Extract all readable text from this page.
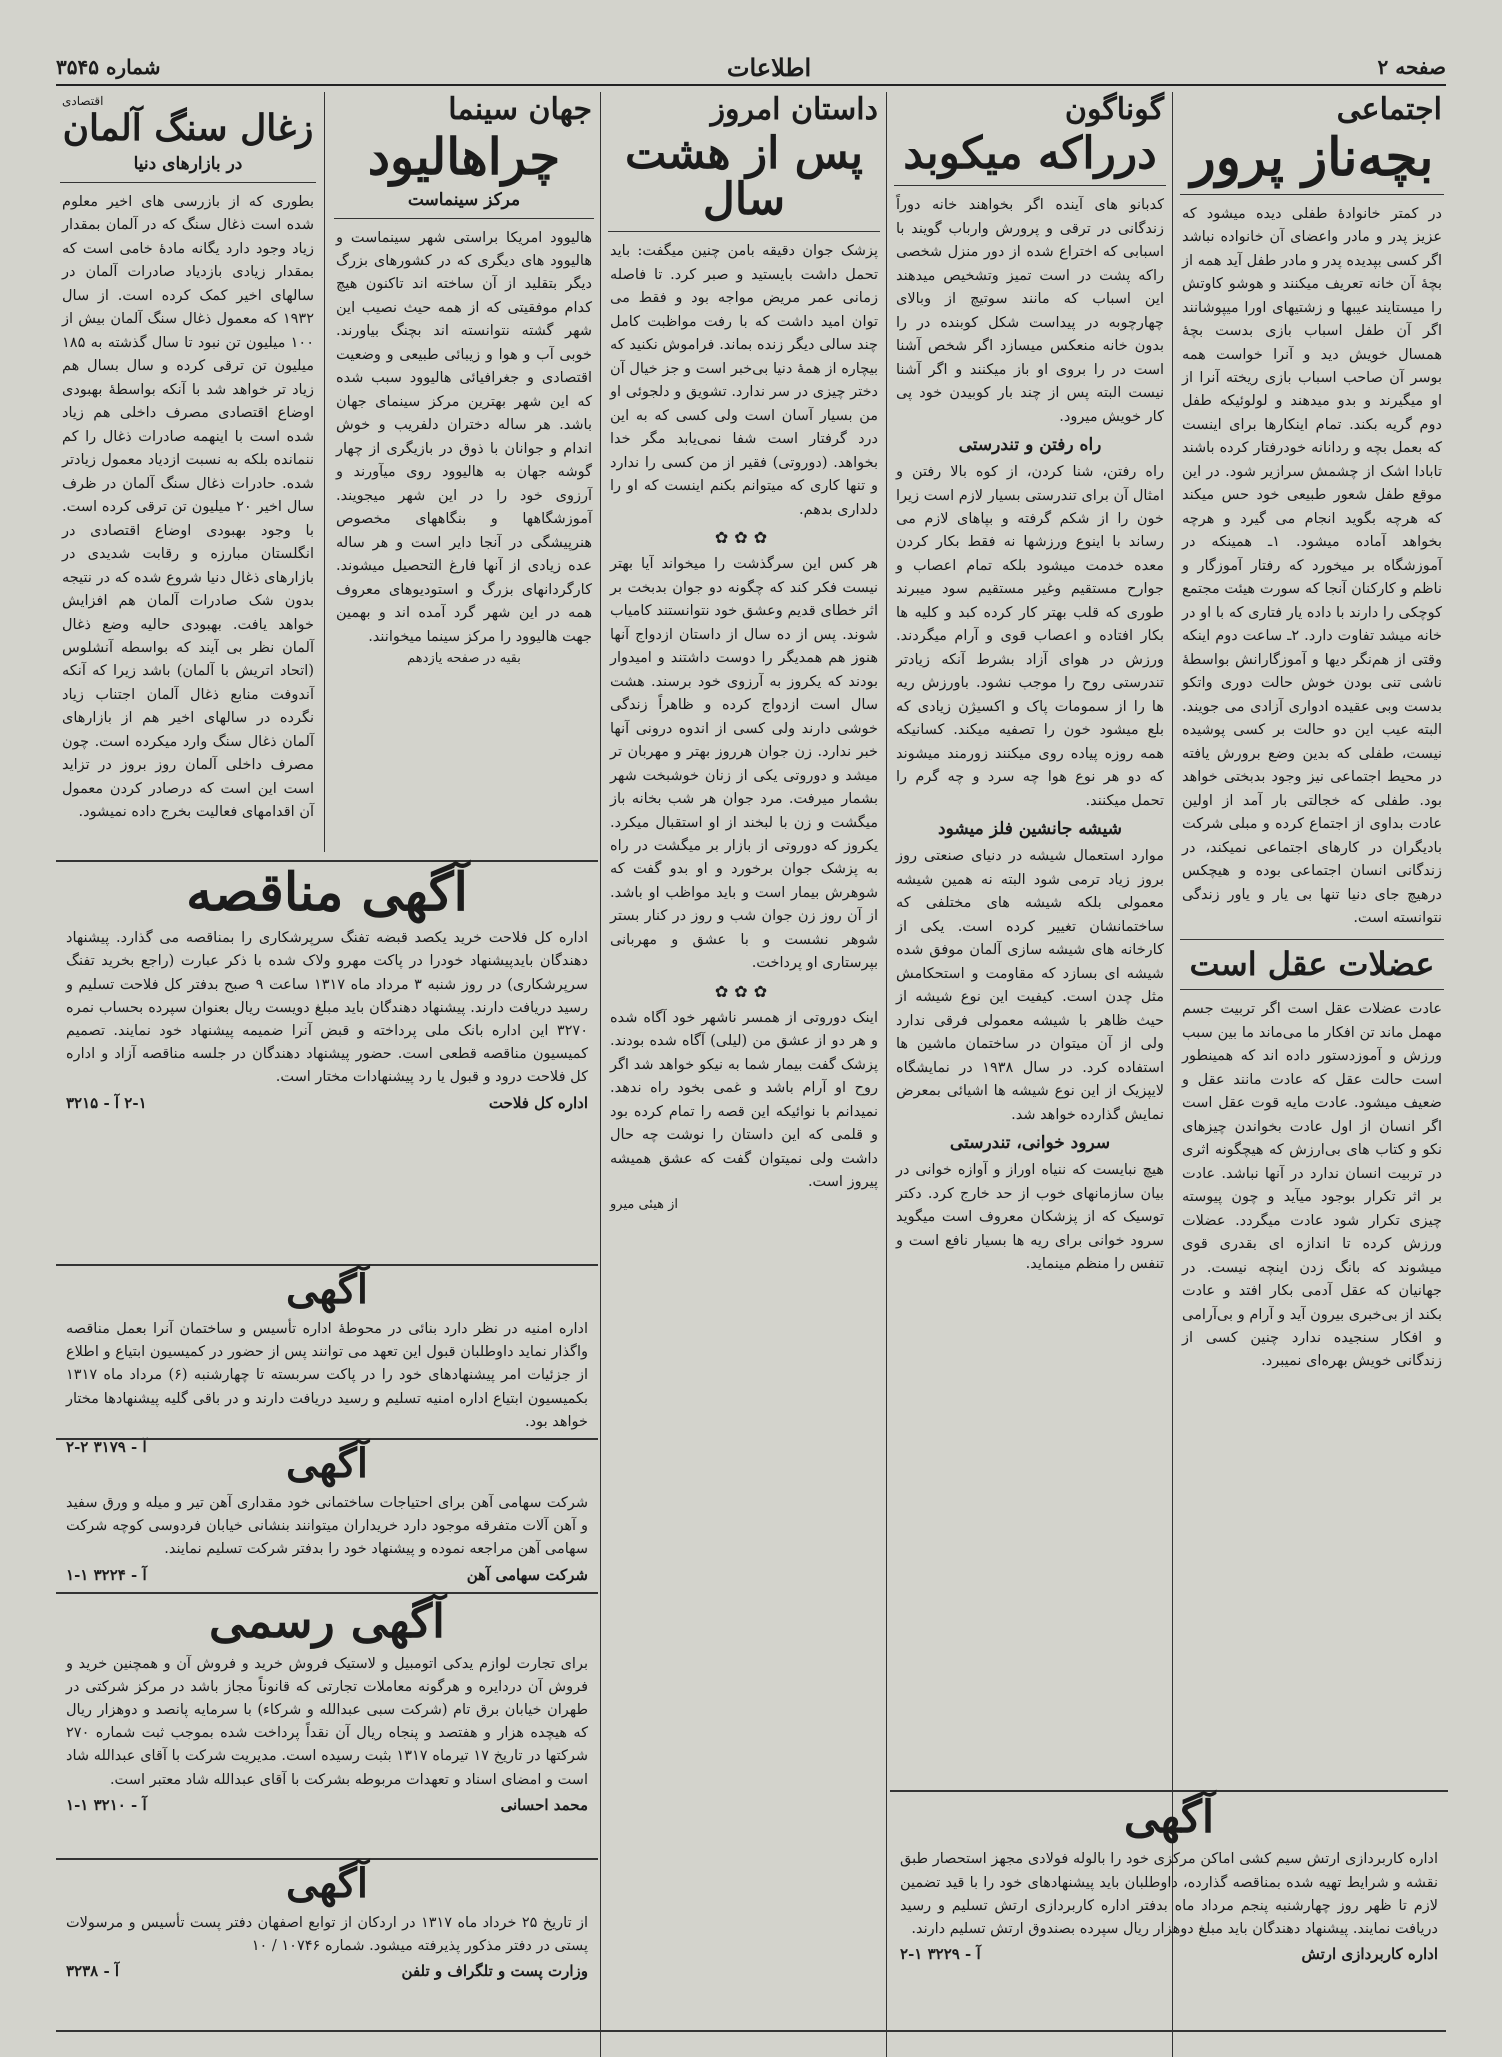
صفحه ۲
اطلاعات
شماره ۳۵۴۵

اجتماعی

بچه‌ناز پرور

در کمتر خانوادهٔ طفلی دیده میشود که عزیز پدر و مادر واعضای آن خانواده نباشد اگر کسی بپدیده پدر و مادر طفل آید همه از بچهٔ آن خانه تعریف میکنند و هوشو کاوتش را میستایند عیبها و زشتیهای اورا میپوشانند اگر آن طفل اسباب بازی بدست بچهٔ همسال خویش دید و آنرا خواست همه بوسر آن صاحب اسباب بازی ریخته آنرا از او میگیرند و بدو میدهند و لولوئیکه طفل دوم گریه‌ بکند. تمام اینکارها برای اینست که بعمل بچه و ردانانه خودرفتار کرده باشند تابادا اشک از چشمش سرازیر شود. در این موقع طفل شعور طبیعی خود حس میکند که هرچه بگوید انجام می گیرد و هرچه بخواهد آماده میشود. ۱ـ همینکه در آموزشگاه بر میخورد که رفتار آموزگار و ناظم و کارکنان آنجا که سورت هیئت مجتمع کوچکی را دارند با داده یار فتاری که با او در خانه میشد تفاوت دارد. ۲ـ ساعت دوم اینکه وقتی از هم‌نگر دیها و آموزگارانش بواسطهٔ ناشی تنی بودن خوش حالت دوری واتکو بدست وبی‌ عقیده ادواری آزادی می جویند. البته عیب این دو حالت بر کسی پوشیده نیست، طفلی که بدین وضع برورش یافته در محیط اجتماعی نیز وجود بدبختی خواهد بود. طفلی که خجالتی بار آمد از اولین عادت بداوی از اجتماع کرده و مبلی شرکت بادیگران در کارهای اجتماعی نمیکند، در زندگانی انسان اجتماعی بوده و هیچکس درهیچ جای دنیا تنها بی‌ یار و یاور زندگی نتوانسته است.

عضلات عقل است

عادت عضلات عقل است اگر تربیت‌ جسم مهمل ماند تن افکار ما می‌ماند ما بین سبب ورزش و آموزدستور داده اند که همینطور است حالت عقل که عادت مانند عقل و ضعیف میشود. عادت مایه قوت عقل است اگر انسان از اول عادت بخواندن چیزهای نکو و کتاب های بی‌ارزش که هیچگونه اثری در تربیت انسان ندارد در آنها نباشد. عادت بر اثر تکرار بوجود میآید و چون پیوسته چیزی تکرار شود عادت میگردد. عضلات ورزش کرده تا اندازه ای بقدری قوی میشوند که بانگ زدن اینچه نیست. در جهانیان که عقل آدمی بکار افتد و عادت بکند از بی‌خبری بیرون آید و آرام و بی‌آرامی و افکار سنجیده ندارد چنین کسی از زندگانی خویش بهره‌ای نمیبرد.

آگهی

اداره کاربردازی ارتش سیم کشی اماکن مرکزی خود را بالوله فولادی مجهز استحصار طبق نقشه و شرایط تهیه شده بمناقصه گذارده، داوطلبان باید پیشنهادهای خود را با قید تضمین لازم تا ظهر روز چهارشنبه پنجم مرداد ماه بدفتر اداره کاربردازی ارتش تسلیم و رسید دریافت نمایند. پیشنهاد دهندگان باید مبلغ دوهزار ریال سپرده بصندوق ارتش تسلیم دارند.

اداره کاربردازی ارتش
آ - ۳۲۲۹ ۱-۲

گوناگون

درراکه میکوبد

کدبانو های آینده اگر بخواهند خانه دوراً زندگانی در ترقی و پرورش وارباب گویند با اسبابی که اختراع شده از دور منزل شخصی راکه پشت در است تمیز وتشخیص میدهند این اسباب که مانند سوتیچ از وبالای چهارچوبه در پیداست شکل کوبنده در را بدون خانه منعکس میسازد اگر شخص آشنا است در را بروی او باز میکنند و اگر آشنا نیست البته پس از چند بار کوبیدن خود پی کار خویش میرود.

راه رفتن و تندرستی

راه رفتن، شنا کردن، از کوه بالا رفتن و امثال آن برای تندرستی بسیار لازم است زیرا خون را از شکم گرفته و بپاهای لازم می رساند با اینوع ورزشها نه‌ فقط بکار کردن معده خدمت میشود بلکه تمام اعصاب و جوارح مستقیم وغیر مستقیم سود میبرند طوری که قلب بهتر کار کرده کبد و کلیه ها بکار افتاده و اعصاب قوی و آرام میگردند. ورزش در هوای آزاد بشرط آنکه زیادتر تندرستی روح را موجب نشود. باورزش ریه ها را از سمومات پاک و اکسیژن زیادی که بلع میشود خون را تصفیه میکند. کسانیکه همه روزه پیاده روی میکنند زورمند میشوند که دو هر نوع هوا چه سرد و چه گرم را تحمل میکنند.

شیشه جانشین فلز میشود

موارد استعمال شیشه در دنیای صنعتی روز بروز زیاد ترمی شود البته نه همین شیشه معمولی بلکه شیشه های مختلفی که ساختمانشان تغییر کرده است. یکی از کارخانه های شیشه سازی آلمان موفق شده شیشه ای بسازد که مقاومت و استحکامش مثل چدن است. کیفیت این نوع شیشه از حیث ظاهر با شیشه معمولی فرقی ندارد ولی از آن میتوان در ساختمان ماشین ها استفاده کرد. در سال ۱۹۳۸ در نمایشگاه لایپزیک از این نوع شیشه ها اشیائی بمعرض نمایش گذارده خواهد شد.

سرود خوانی، تندرستی

هیچ نبایست که ننیاه اوراز و آوازه خوانی در بیان سازمانهای خوب از حد خارج کرد. دکتر توسیک که از پزشکان معروف است میگوید سرود خوانی برای ریه ها بسیار نافع است و تنفس را منظم مینماید.

داستان امروز

پس از هشت سال

پزشک جوان دقیقه بامن چنین میگفت: باید تحمل داشت بایستید و صبر کرد. تا فاصله زمانی عمر مریض مواجه بود و فقط می توان امید داشت که با رفت مواظبت کامل چند سالی دیگر زنده بماند. فراموش نکنید که بیچاره از همهٔ دنیا بی‌خبر است و جز خیال آن دختر چیزی در سر ندارد. تشویق و دلجوئی او من بسیار آسان است ولی کسی که به این درد گرفتار است شفا نمی‌یابد مگر خدا بخواهد. (دوروتی) فقیر از من کسی را ندارد و تنها کاری که میتوانم بکنم اینست که او را دلداری بدهم.

✿✿✿

هر کس این سرگذشت را میخواند آیا بهتر نیست فکر کند که چگونه دو جوان بدبخت بر اثر خطای قدیم وعشق خود نتوانستند کامیاب شوند. پس از ده سال از داستان ازدواج آنها هنوز هم همدیگر را دوست داشتند و امیدوار بودند که یکروز به آرزوی خود برسند. هشت سال است ازدواج کرده و ظاهراً زندگی خوشی دارند ولی کسی از اندوه درونی آنها خبر ندارد. زن جوان هرروز بهتر و مهربان تر میشد و دوروتی یکی از زنان خوشبخت شهر بشمار میرفت. مرد جوان هر شب بخانه باز میگشت و زن با لبخند از او استقبال میکرد. یکروز که دوروتی از بازار بر میگشت در راه به پزشک جوان برخورد و او بدو گفت که شوهرش بیمار است و باید مواظب او باشد. از آن روز زن جوان شب و روز در کنار بستر شوهر نشست و با عشق و مهربانی بپرستاری او پرداخت.

✿✿✿

اینک دوروتی از همسر ناشهر خود آگاه شده و هر دو از عشق من (لیلی) آگاه شده بودند. پزشک گفت بیمار شما به نیکو خواهد شد اگر روح او آرام باشد و غمی بخود راه ندهد. نمیدانم با نوائیکه این قصه را تمام کرده بود و قلمی که این داستان را نوشت چه حال داشت ولی نمیتوان گفت که عشق همیشه پیروز است.

از هیئی میرو

جهان سینما

چراهالیود

مرکز سینماست

هالیوود امریکا براستی شهر سینماست و هالیوود های دیگری که در کشورهای بزرگ دیگر بتقلید از آن ساخته اند تاکنون هیچ کدام موفقیتی که از همه حیث نصیب این شهر گشته نتوانسته اند بچنگ بیاورند. خوبی آب و هوا و زیبائی طبیعی و وضعیت اقتصادی و جغرافیائی هالیوود سبب شده که این شهر بهترین مرکز سینمای جهان باشد. هر ساله دختران دلفریب و خوش اندام و جوانان با ذوق در بازیگری از چهار گوشه جهان به هالیوود روی میآورند و آرزوی خود را در این شهر میجویند. آموزشگاهها و بنگاههای مخصوص هنرپیشگی در آنجا دایر است و هر ساله عده زیادی از آنها فارغ التحصیل میشوند. کارگردانهای بزرگ و استودیوهای معروف همه در این شهر گرد آمده اند و بهمین جهت هالیوود را مرکز سینما میخوانند.

بقیه در صفحه یازدهم

اقتصادی

زغال سنگ آلمان

در بازارهای دنیا

بطوری که از بازرسی های اخیر معلوم شده است ذغال سنگ که در آلمان بمقدار زیاد وجود دارد یگانه مادهٔ خامی است که بمقدار زیادی بازدیاد صادرات آلمان در سالهای اخیر کمک کرده است. از سال ۱۹۳۲ که معمول ذغال سنگ آلمان بیش از ۱۰۰ میلیون تن نبود تا سال گذشته به ۱۸۵ میلیون تن ترقی کرده و سال بسال هم زیاد تر خواهد شد با آنکه بواسطهٔ بهبودی اوضاع اقتصادی مصرف داخلی هم زیاد شده است با اینهمه صادرات ذغال را کم ننمانده بلکه به نسبت ازدیاد معمول زیادتر شده. حادرات ذغال سنگ آلمان در ظرف سال اخیر ۲۰ میلیون تن ترقی کرده است. با وجود بهبودی اوضاع اقتصادی در انگلستان مبارزه و رقابت شدیدی در بازارهای ذغال دنیا شروع شده که در نتیجه بدون شک صادرات آلمان هم افزایش خواهد یافت. بهبودی حالیه وضع ذغال آلمان نظر بی آیند که بواسطه آنشلوس (اتحاد اتریش با آلمان) باشد زیرا که آنکه آندوفت منابع ذغال آلمان اجتناب زیاد نگرده در سالهای اخیر هم از بازارهای آلمان ذغال سنگ وارد میکرده است. چون مصرف داخلی آلمان روز بروز در تزاید است این است که درصادر کردن معمول آن اقدامهای فعالیت بخرج داده نمیشود.

آگهی مناقصه

اداره کل فلاحت خرید یکصد قبضه تفنگ سرپرشکاری را بمناقصه می گذارد. پیشنهاد دهندگان بایدپیشنهاد خودرا در پاکت مهرو ولاک شده با ذکر عبارت (راجع بخرید تفنگ سرپرشکاری) در روز شنبه ۳ مرداد ماه ۱۳۱۷ ساعت ۹ صبح بدفتر کل فلاحت تسلیم و رسید دریافت دارند. پیشنهاد دهندگان باید مبلغ دویست ریال بعنوان سپرده بحساب نمره ۳۲۷۰ این اداره بانک ملی پرداخته و قبض آنرا ضمیمه پیشنهاد خود نمایند. تصمیم کمیسیون مناقصه قطعی است. حضور پیشنهاد دهندگان در جلسه مناقصه آزاد و اداره کل فلاحت درود و قبول یا رد پیشنهادات مختار است.

اداره کل فلاحت
۲-۱ آ - ۳۲۱۵
آگهی

اداره امنیه در نظر دارد بنائی در محوطهٔ اداره تأسیس و ساختمان آنرا بعمل مناقصه واگذار نماید داوطلبان قبول این تعهد می توانند پس از حضور در کمیسیون ابتیاع و اطلاع از جزئیات امر پیشنهادهای خود را در پاکت سربسته تا چهارشنبه (۶) مرداد ماه ۱۳۱۷ بکمیسیون ابتیاع اداره امنیه تسلیم و رسید دریافت دارند و در باقی گلیه پیشنهادها مختار خواهد بود.

آ - ۳۱۷۹ ۲-۲	آگهی

شرکت سهامی آهن برای احتیاجات ساختمانی خود مقداری آهن تیر و میله و ورق سفید و آهن آلات متفرقه موجود دارد خریداران میتوانند بنشانی خیابان فردوسی کوچه شرکت سهامی آهن مراجعه نموده و پیشنهاد خود را بدفتر شرکت تسلیم نمایند.

شرکت سهامی آهن
آ - ۳۲۲۴ ۱-۱
آگهی رسمی

برای تجارت لوازم یدکی اتومبیل و لاستیک فروش خرید و فروش آن و همچنین خرید و فروش آن دردایره و هرگونه معاملات تجارتی که قانوناً مجاز باشد در مرکز شرکتی در طهران خیابان برق تام (شرکت سبی عبدالله و شرکاء) با سرمایه پانصد و دوهزار ریال که هیچده هزار و هفتصد و پنجاه ریال آن نقداً پرداخت شده بموجب ثبت شماره ۲۷۰ شرکتها در تاریخ ۱۷ تیرماه ۱۳۱۷ بثبت رسیده است. مدیریت شرکت با آقای عبدالله شاد است و امضای اسناد و تعهدات مربوطه بشرکت با آقای عبدالله شاد معتبر است.

محمد احسانی
آ - ۳۲۱۰ ۱-۱
آگهی

از تاریخ ۲۵ خرداد ماه ۱۳۱۷ در اردکان از توابع اصفهان دفتر پست تأسیس و مرسولات پستی در دفتر مذکور پذیرفته میشود. شماره ۱۰۷۴۶ / ۱۰

وزارت پست و تلگراف و تلفن
آ - ۳۲۳۸
